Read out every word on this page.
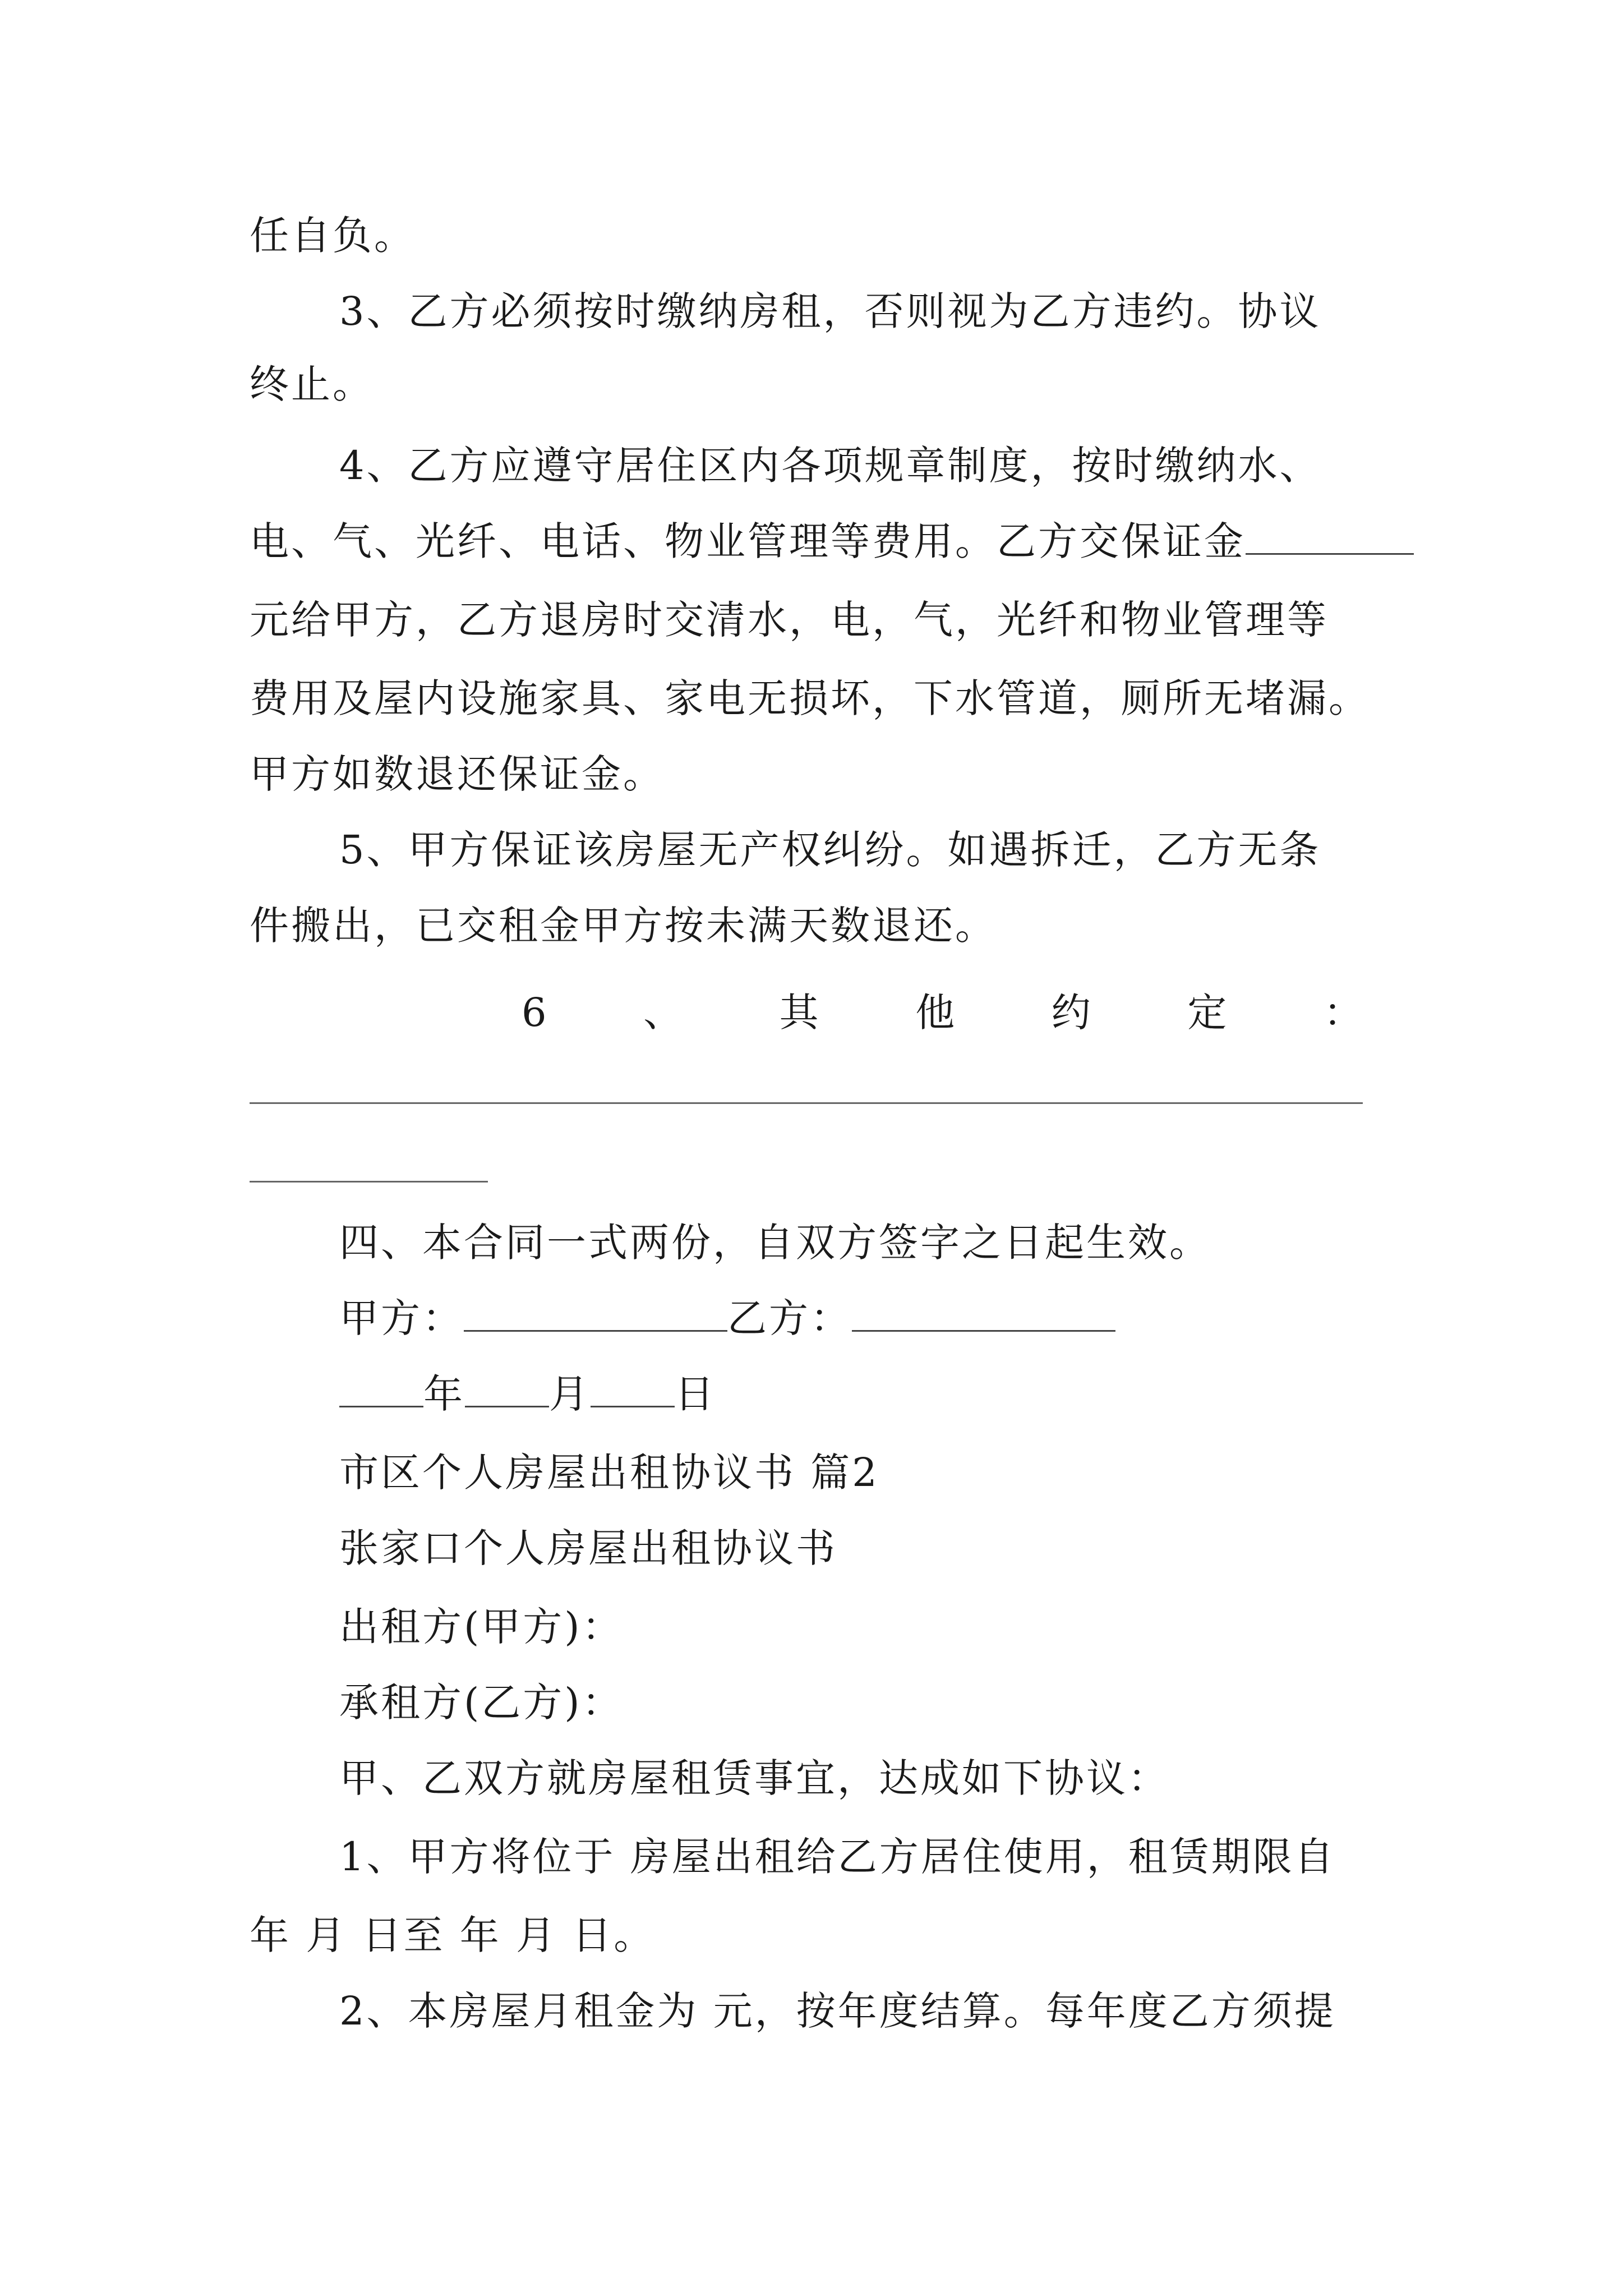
任自负。
3、乙方必须按时缴纳房租，否则视为乙方违约。协议
终止。
4、乙方应遵守居住区内各项规章制度，按时缴纳水、
电、气、光纤、电话、物业管理等费用。乙方交保证金
元给甲方，乙方退房时交清水，电，气，光纤和物业管理等
费用及屋内设施家具、家电无损坏，下水管道，厕所无堵漏。
甲方如数退还保证金。
5、甲方保证该房屋无产权纠纷。如遇拆迁，乙方无条
件搬出，已交租金甲方按未满天数退还。
6 、 其 他 约 定 ：
四、本合同一式两份，自双方签字之日起生效。
甲方：	乙方：
年 月 日
市区个人房屋出租协议书 篇2
张家口个人房屋出租协议书
出租方(甲方)：
承租方(乙方)：
甲、乙双方就房屋租赁事宜，达成如下协议：
1、甲方将位于 房屋出租给乙方居住使用，租赁期限自
年 月 日至 年 月 日。
2、本房屋月租金为 元，按年度结算。每年度乙方须提
